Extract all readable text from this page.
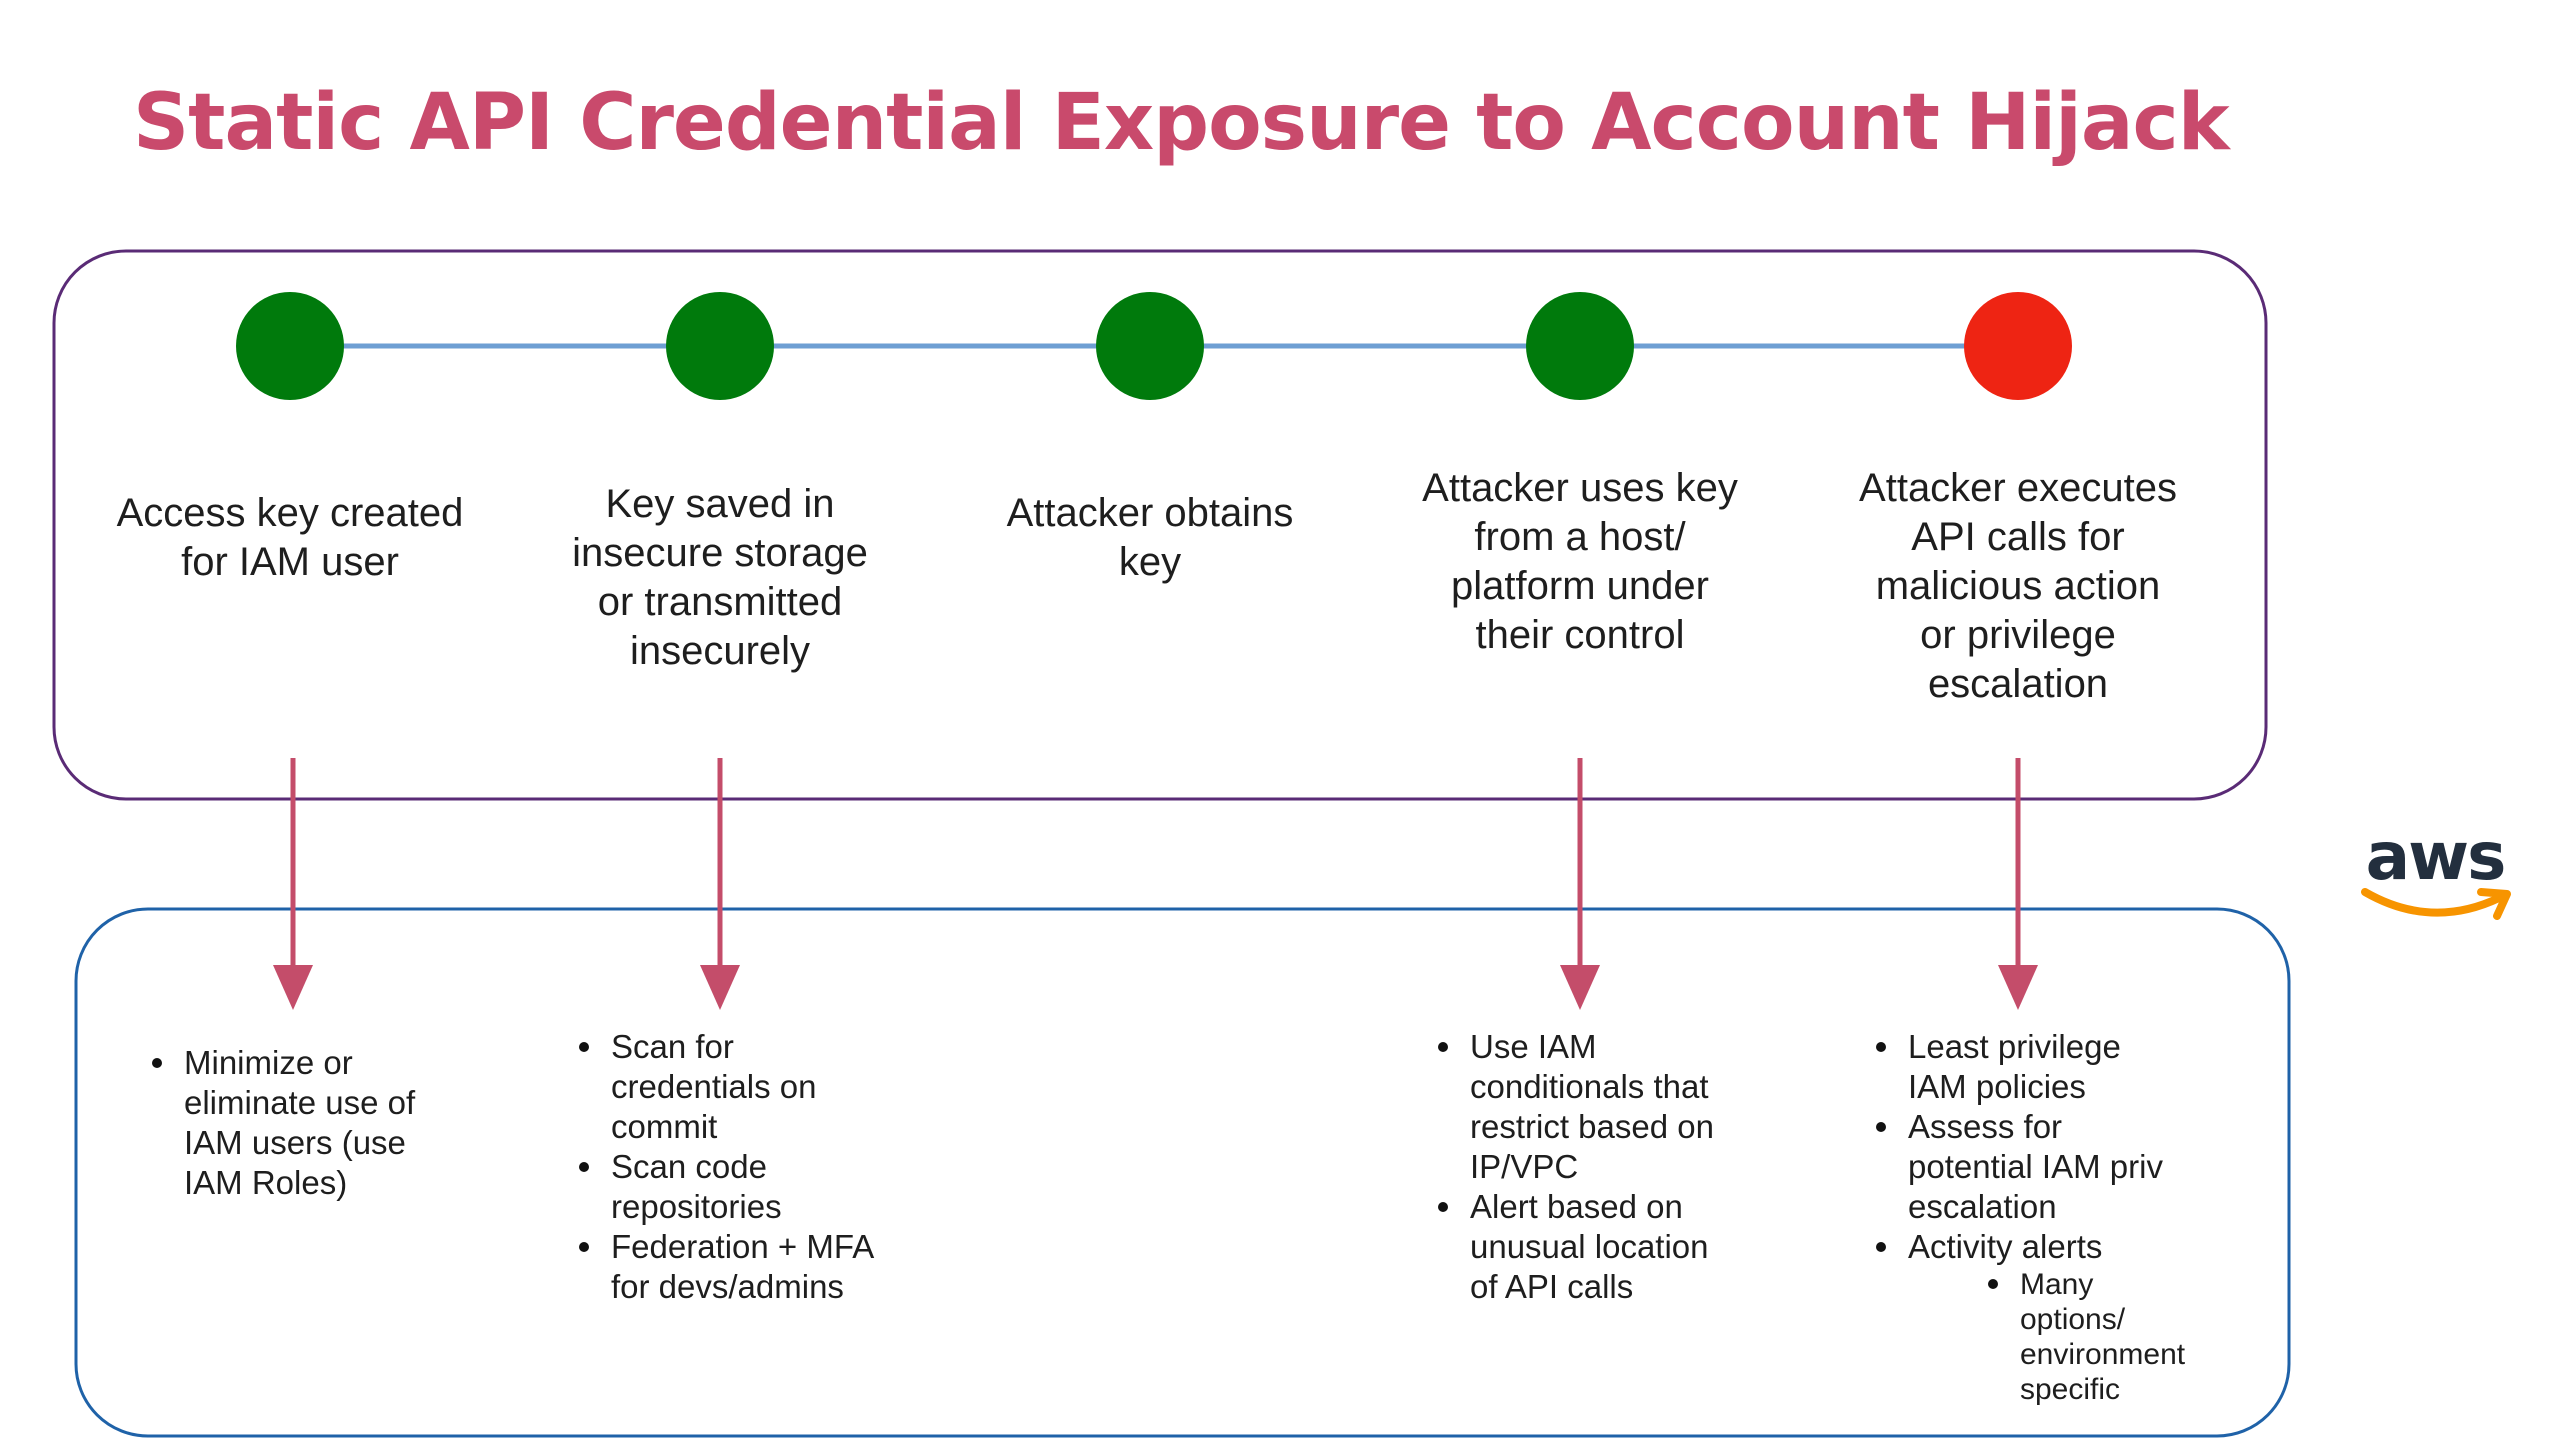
Static API Credential Exposure to Account Hijack
Access key created for IAM user
Key saved in insecure storage or transmitted insecurely
Attacker obtains key
Attacker uses key from a host/ platform under their control
Attacker executes API calls for malicious action or privilege escalation
Minimize or eliminate use of IAM users (use IAM Roles)
Scan for credentials on commit
Scan code repositories
Federation + MFA for devs/admins
Use IAM conditionals that restrict based on IP/VPC
Alert based on unusual location of API calls
Least privilege IAM policies
Assess for potential IAM priv escalation
Activity alerts
Many options/ environment specific
aws
